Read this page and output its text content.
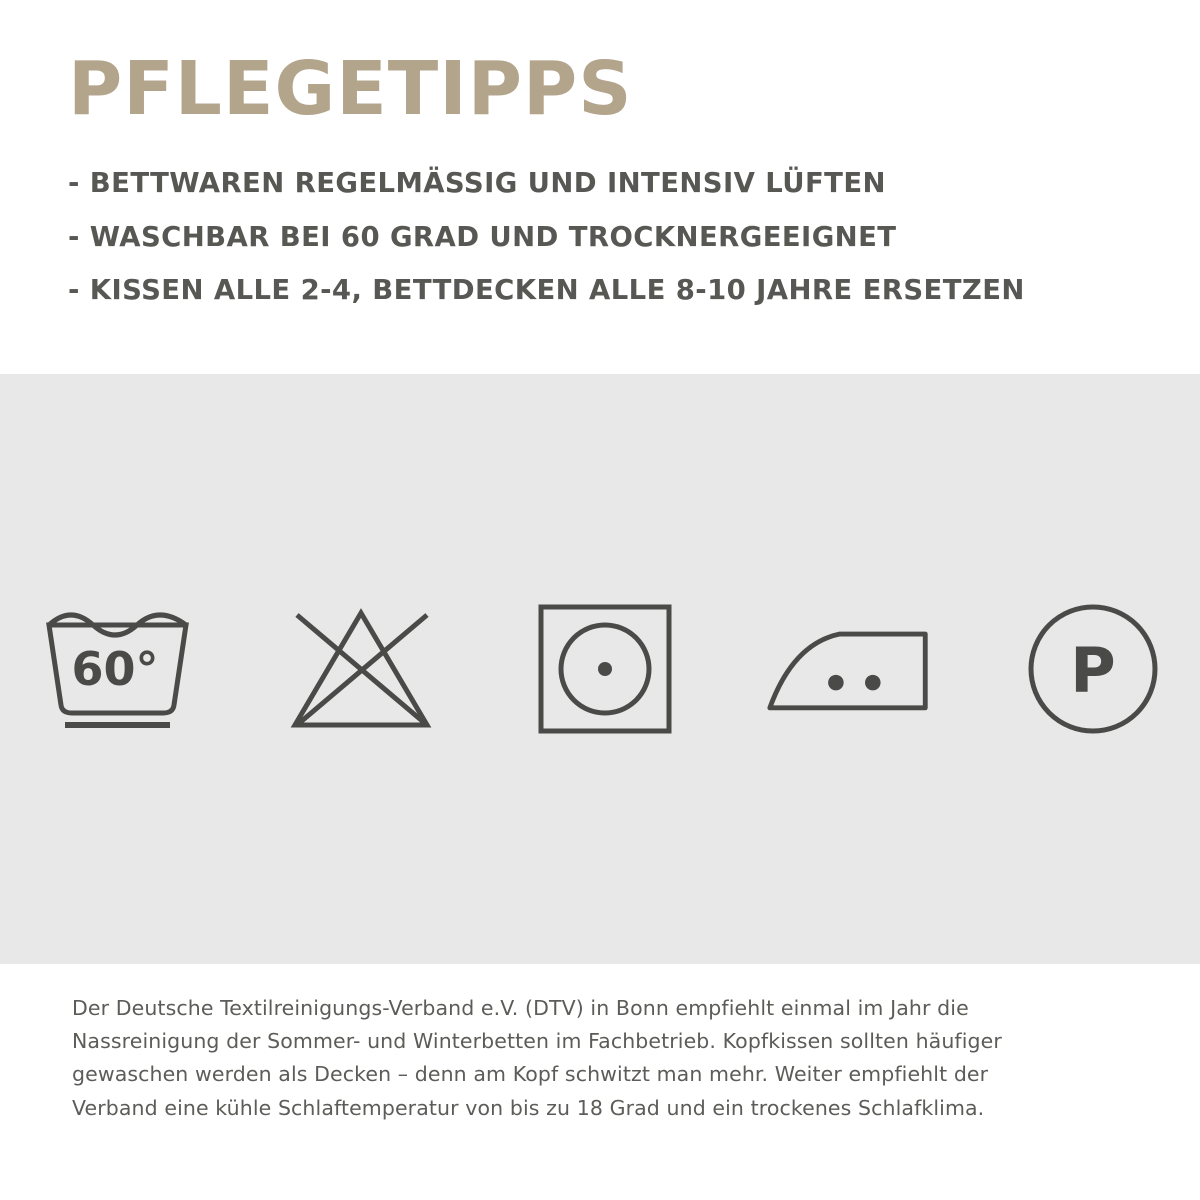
PFLEGETIPPS
- BETTWAREN REGELMÄSSIG UND INTENSIV LÜFTEN
- WASCHBAR BEI 60 GRAD UND TROCKNERGEEIGNET
- KISSEN ALLE 2-4, BETTDECKEN ALLE 8-10 JAHRE ERSETZEN
60°	P

Der Deutsche Textilreinigungs-Verband e.V. (DTV) in Bonn empfiehlt einmal im Jahr die Nassreinigung der Sommer- und Winterbetten im Fachbetrieb. Kopfkissen sollten häufiger gewaschen werden als Decken – denn am Kopf schwitzt man mehr. Weiter empfiehlt der Verband eine kühle Schlaftemperatur von bis zu 18 Grad und ein trockenes Schlafklima.
